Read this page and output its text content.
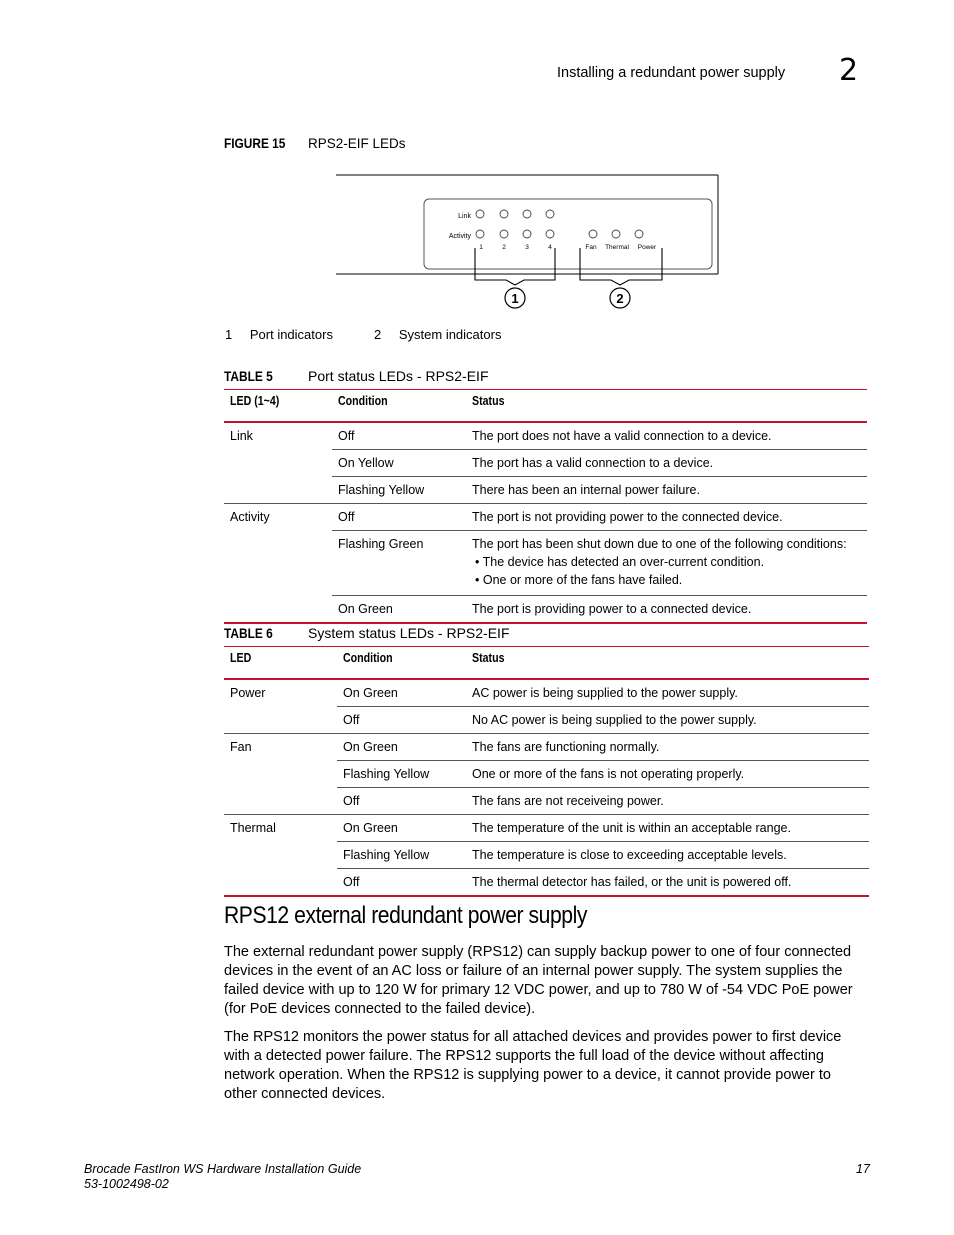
Installing a redundant power supply 2
FIGURE 15 RPS2-EIF LEDs
Link
Activity
1	2	3	4	Fan Thermal Power
1	2
1 Port indicators	2 System indicators
TABLE 5	Port status LEDs - RPS2-EIF
LED (1~4)	Condition	Status
Link	Off	The port does not have a valid connection to a device.
	On Yellow	The port has a valid connection to a device.
	Flashing Yellow	There has been an internal power failure.
Activity	Off	The port is not providing power to the connected device.
	Flashing Green	The port has been shut down due to one of the following conditions:
• The device has detected an over-current condition.
• One or more of the fans have failed.

	On Green	The port is providing power to a connected device.
TABLE 6	System status LEDs - RPS2-EIF
LED	Condition	Status
Power	On Green	AC power is being supplied to the power supply.
	Off	No AC power is being supplied to the power supply.
Fan	On Green	The fans are functioning normally.
	Flashing Yellow	One or more of the fans is not operating properly.
	Off	The fans are not receiveing power.
Thermal	On Green	The temperature of the unit is within an acceptable range.
	Flashing Yellow	The temperature is close to exceeding acceptable levels.
	Off	The thermal detector has failed, or the unit is powered off.
RPS12 external redundant power supply

The external redundant power supply (RPS12) can supply backup power to one of four connected devices in the event of an AC loss or failure of an internal power supply. The system supplies the failed device with up to 120 W for primary 12 VDC power, and up to 780 W of -54 VDC PoE power (for PoE devices connected to the failed device).

The RPS12 monitors the power status for all attached devices and provides power to first device with a detected power failure. The RPS12 supports the full load of the device without affecting network operation. When the RPS12 is supplying power to a device, it cannot provide power to other connected devices.

Brocade FastIron WS Hardware Installation Guide
53-1002498-02
17
